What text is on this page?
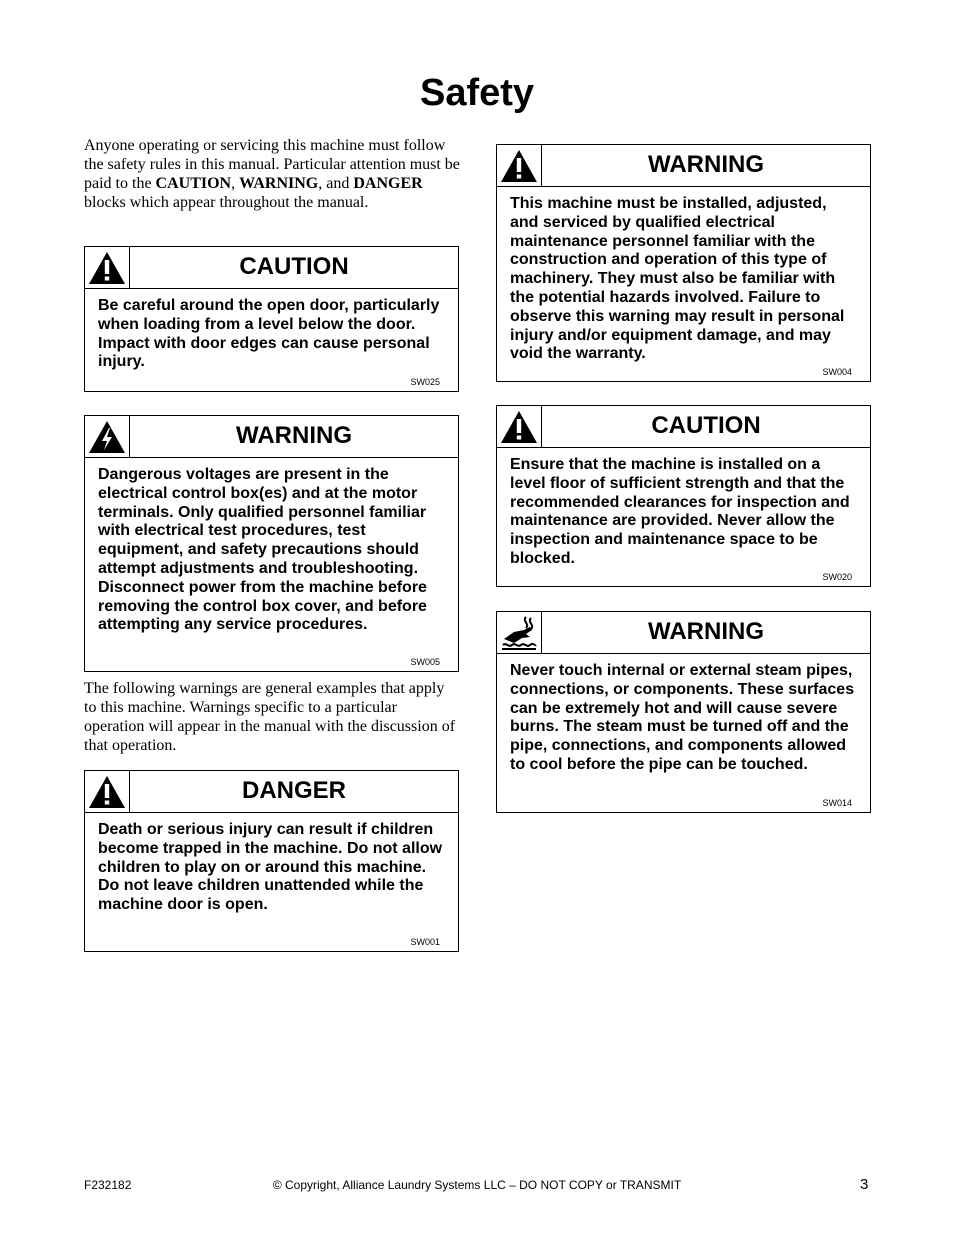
Safety
Anyone operating or servicing this machine must follow the safety rules in this manual. Particular attention must be paid to the CAUTION, WARNING, and DANGER blocks which appear throughout the manual.
CAUTION
Be careful around the open door, particularly when loading from a level below the door. Impact with door edges can cause personal injury.
SW025
WARNING
Dangerous voltages are present in the electrical control box(es) and at the motor terminals. Only qualified personnel familiar with electrical test procedures, test equipment, and safety precautions should attempt adjustments and troubleshooting. Disconnect power from the machine before removing the control box cover, and before attempting any service procedures.
SW005
The following warnings are general examples that apply to this machine. Warnings specific to a particular operation will appear in the manual with the discussion of that operation.
DANGER
Death or serious injury can result if children become trapped in the machine. Do not allow children to play on or around this machine. Do not leave children unattended while the machine door is open.
SW001
WARNING
This machine must be installed, adjusted, and serviced by qualified electrical maintenance personnel familiar with the construction and operation of this type of machinery. They must also be familiar with the potential hazards involved. Failure to observe this warning may result in personal injury and/or equipment damage, and may void the warranty.
SW004
CAUTION
Ensure that the machine is installed on a level floor of sufficient strength and that the recommended clearances for inspection and maintenance are provided. Never allow the inspection and maintenance space to be blocked.
SW020
WARNING
Never touch internal or external steam pipes, connections, or components. These surfaces can be extremely hot and will cause severe burns. The steam must be turned off and the pipe, connections, and components allowed to cool before the pipe can be touched.
SW014
F232182	© Copyright, Alliance Laundry Systems LLC – DO NOT COPY or TRANSMIT	3
